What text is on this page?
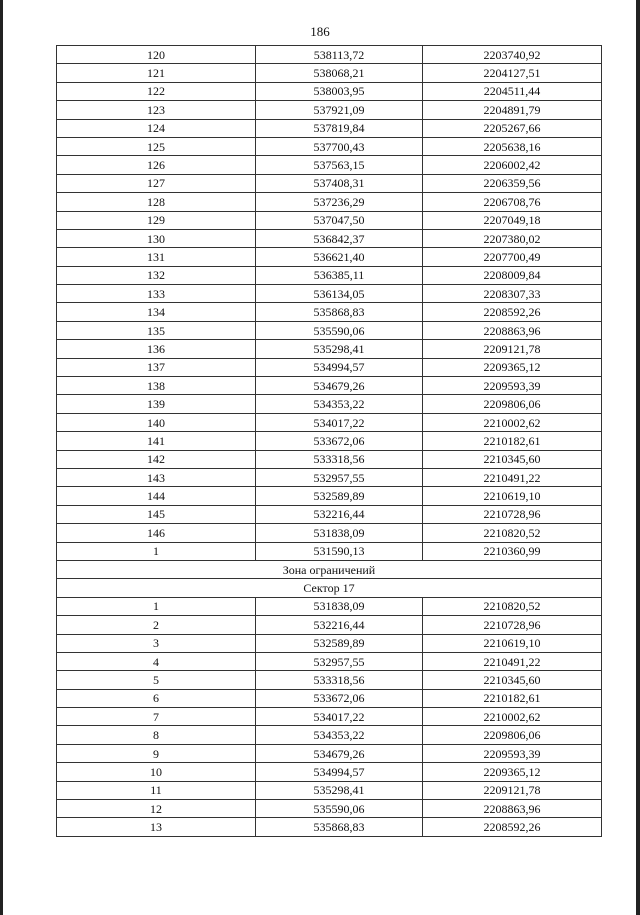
186
120	538113,72	2203740,92
121	538068,21	2204127,51
122	538003,95	2204511,44
123	537921,09	2204891,79
124	537819,84	2205267,66
125	537700,43	2205638,16
126	537563,15	2206002,42
127	537408,31	2206359,56
128	537236,29	2206708,76
129	537047,50	2207049,18
130	536842,37	2207380,02
131	536621,40	2207700,49
132	536385,11	2208009,84
133	536134,05	2208307,33
134	535868,83	2208592,26
135	535590,06	2208863,96
136	535298,41	2209121,78
137	534994,57	2209365,12
138	534679,26	2209593,39
139	534353,22	2209806,06
140	534017,22	2210002,62
141	533672,06	2210182,61
142	533318,56	2210345,60
143	532957,55	2210491,22
144	532589,89	2210619,10
145	532216,44	2210728,96
146	531838,09	2210820,52
1	531590,13	2210360,99
Зона ограничений		
Сектор 17		
1	531838,09	2210820,52
2	532216,44	2210728,96
3	532589,89	2210619,10
4	532957,55	2210491,22
5	533318,56	2210345,60
6	533672,06	2210182,61
7	534017,22	2210002,62
8	534353,22	2209806,06
9	534679,26	2209593,39
10	534994,57	2209365,12
11	535298,41	2209121,78
12	535590,06	2208863,96
13	535868,83	2208592,26
